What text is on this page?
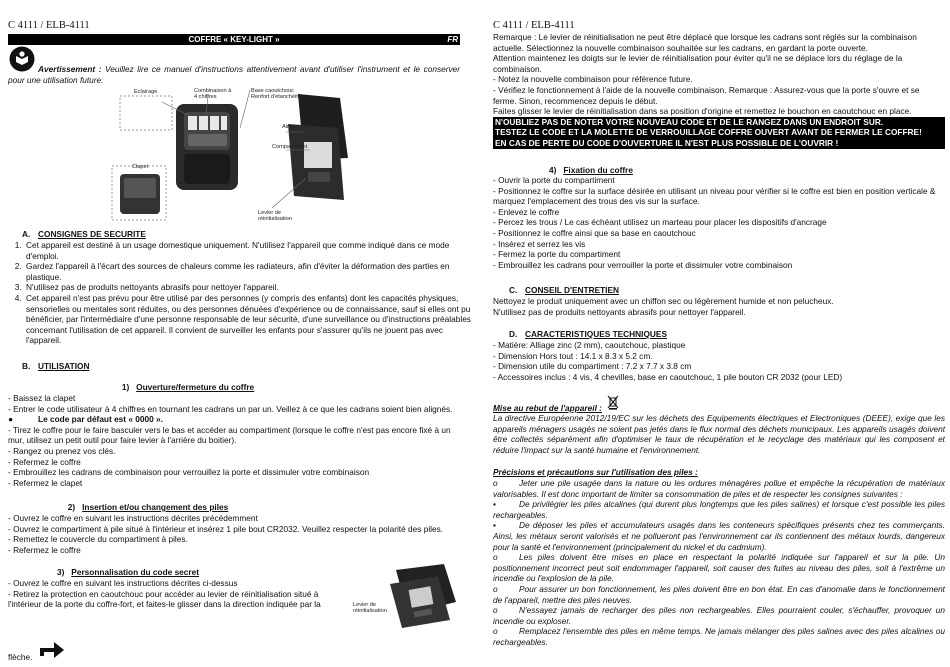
C 4111 / ELB-4111
COFFRE « KEY-LIGHT »	FR
Avertissement : Veuillez lire ce manuel d'instructions attentivement avant d'utiliser l'instrument et le conserver pour une utilisation future.
Eclairage	Combinaison à 4 chiffres
Base caoutchouc Renfort d'étanchéité
Aimant
Compartiment
Clapet
Levier de réinitialisation
A. CONSIGNES DE SECURITE
1. Cet appareil est destiné à un usage domestique uniquement. N'utilisez l'appareil que comme indiqué dans ce mode d'emploi.
2. Gardez l'appareil à l'écart des sources de chaleurs comme les radiateurs, afin d'éviter la déformation des parties en plastique.
3. N'utilisez pas de produits nettoyants abrasifs pour nettoyer l'appareil.
4. Cet appareil n'est pas prévu pour être utilisé par des personnes (y compris des enfants) dont les capacités physiques, sensorielles ou mentales sont réduites, ou des personnes dénuées d'expérience ou de connaissance, sauf si elles ont pu bénéficier, par l'intermédiaire d'une personne responsable de leur sécurité, d'une surveillance ou d'instructions préalables concernant l'utilisation de cet appareil. Il convient de surveiller les enfants pour s'assurer qu'ils ne jouent pas avec l'appareil.
B. UTILISATION
1) Ouverture/fermeture du coffre
- Baissez la clapet
- Entrer le code utilisateur à 4 chiffres en tournant les cadrans un par un. Veillez à ce que les cadrans soient bien alignés.
●	Le code par défaut est « 0000 ».
- Tirez le coffre pour le faire basculer vers le bas et accéder au compartiment (lorsque le coffre n'est pas encore fixé à un mur, utilisez un petit outil pour faire levier à l'arrière du boitier).
- Rangez ou prenez vos clés.
- Refermez le coffre
- Embrouillez les cadrans de combinaison pour verrouillez la porte et dissimuler votre combinaison
- Refermez le clapet
2) Insertion et/ou changement des piles
- Ouvrez le coffre en suivant les instructions décrites précédemment
- Ouvrez le compartiment à pile situé à l'intérieur et insérez 1 pile bout CR2032. Veuillez respecter la polarité des piles.
- Remettez le couvercle du compartiment à piles.
- Refermez le coffre
3) Personnalisation du code secret
- Ouvrez le coffre en suivant les instructions décrites ci-dessus
- Retirez la protection en caoutchouc pour accéder au levier de réinitialisation situé à l'intérieur de la porte du coffre-fort, et faites-le glisser dans la direction indiquée par la
flèche.
Levier de réinitialisation
C 4111 / ELB-4111
Remarque : Le levier de réinitialisation ne peut être déplacé que lorsque les cadrans sont réglés sur la combinaison actuelle. Sélectionnez la nouvelle combinaison souhaitée sur les cadrans, en gardant la porte ouverte.
Attention maintenez les doigts sur le levier de réinitialisation pour éviter qu'il ne se déplace lors du réglage de la combinaison.
- Notez la nouvelle combinaison pour référence future.
- Vérifiez le fonctionnement à l'aide de la nouvelle combinaison. Remarque : Assurez-vous que la porte s'ouvre et se ferme. Sinon, recommencez depuis le début.
Faites glisser le levier de réinitialisation dans sa position d'origine et remettez le bouchon en caoutchouc en place.
N'OUBLIEZ PAS DE NOTER VOTRE NOUVEAU CODE ET DE LE RANGEZ DANS UN ENDROIT SUR.
TESTEZ LE CODE ET LA MOLETTE DE VERROUILLAGE COFFRE OUVERT AVANT DE FERMER LE COFFRE!
EN CAS DE PERTE DU CODE D'OUVERTURE IL N'EST PLUS POSSIBLE DE L'OUVRIR !
4) Fixation du coffre
- Ouvrir la porte du compartiment
- Positionnez le coffre sur la surface désirée en utilisant un niveau pour vérifier si le coffre est bien en position verticale & marquez l'emplacement des trous des vis sur la surface.
- Enlevez le coffre
- Percez les trous / Le cas échéant utilisez un marteau pour placer les dispositifs d'ancrage
- Positionnez le coffre ainsi que sa base en caoutchouc
- Insérez et serrez les vis
- Fermez la porte du compartiment
- Embrouillez les cadrans pour verrouiller la porte et dissimuler votre combinaison
C. CONSEIL D'ENTRETIEN
Nettoyez le produit uniquement avec un chiffon sec ou légèrement humide et non pelucheux.
N'utilisez pas de produits nettoyants abrasifs pour nettoyer l'appareil.
D. CARACTERISTIQUES TECHNIQUES
- Matière: Alliage zinc (2 mm), caoutchouc, plastique
- Dimension Hors tout : 14.1 x 8.3 x 5.2 cm.
- Dimension utile du compartiment : 7.2 x 7.7 x 3.8 cm
- Accessoires inclus : 4 vis, 4 chevilles, base en caoutchouc, 1 pile bouton CR 2032 (pour LED)
Mise au rebut de l'appareil :
La directive Européenne 2012/19/EC sur les déchets des Equipements électriques et Electroniques (DEEE), exige que les appareils ménagers usagés ne soient pas jetés dans le flux normal des déchets municipaux. Les appareils usagés doivent être collectés séparément afin d'optimiser le taux de récupération et le recyclage des matériaux qui les composent et réduire l'impact sur la santé humaine et l'environnement.
Précisions et précautions sur l'utilisation des piles :
o	Jeter une pile usagée dans la nature ou les ordures ménagères pollue et empêche la récupération de matériaux valorisables. Il est donc important de limiter sa consommation de piles et de respecter les consignes suivantes :
▪	De privilégier les piles alcalines (qui durent plus longtemps que les piles salines) et lorsque c'est possible les piles rechargeables.
▪	De déposer les piles et accumulateurs usagés dans les conteneurs spécifiques présents chez tes commerçants. Ainsi, les métaux seront valorisés et ne pollueront pas l'environnement car ils contiennent des métaux lourds, dangereux pour la santé et l'environnement (principalement du nickel et du cadmium).
o	Les piles doivent être mises en place en respectant la polarité indiquée sur l'appareil et sur la pile. Un positionnement incorrect peut soit endommager l'appareil, soit causer des fuites au niveau des piles, soit à l'extrême un incendie ou l'explosion de la pile.
o	Pour assurer un bon fonctionnement, les piles doivent être en bon état. En cas d'anomalie dans le fonctionnement de l'appareil, mettre des piles neuves.
o	N'essayez jamais de recharger des piles non rechargeables. Elles pourraient couler, s'échauffer, provoquer un incendie ou exploser.
o	Remplacez l'ensemble des piles en même temps. Ne jamais mélanger des piles salines avec des piles alcalines ou rechargeables.
